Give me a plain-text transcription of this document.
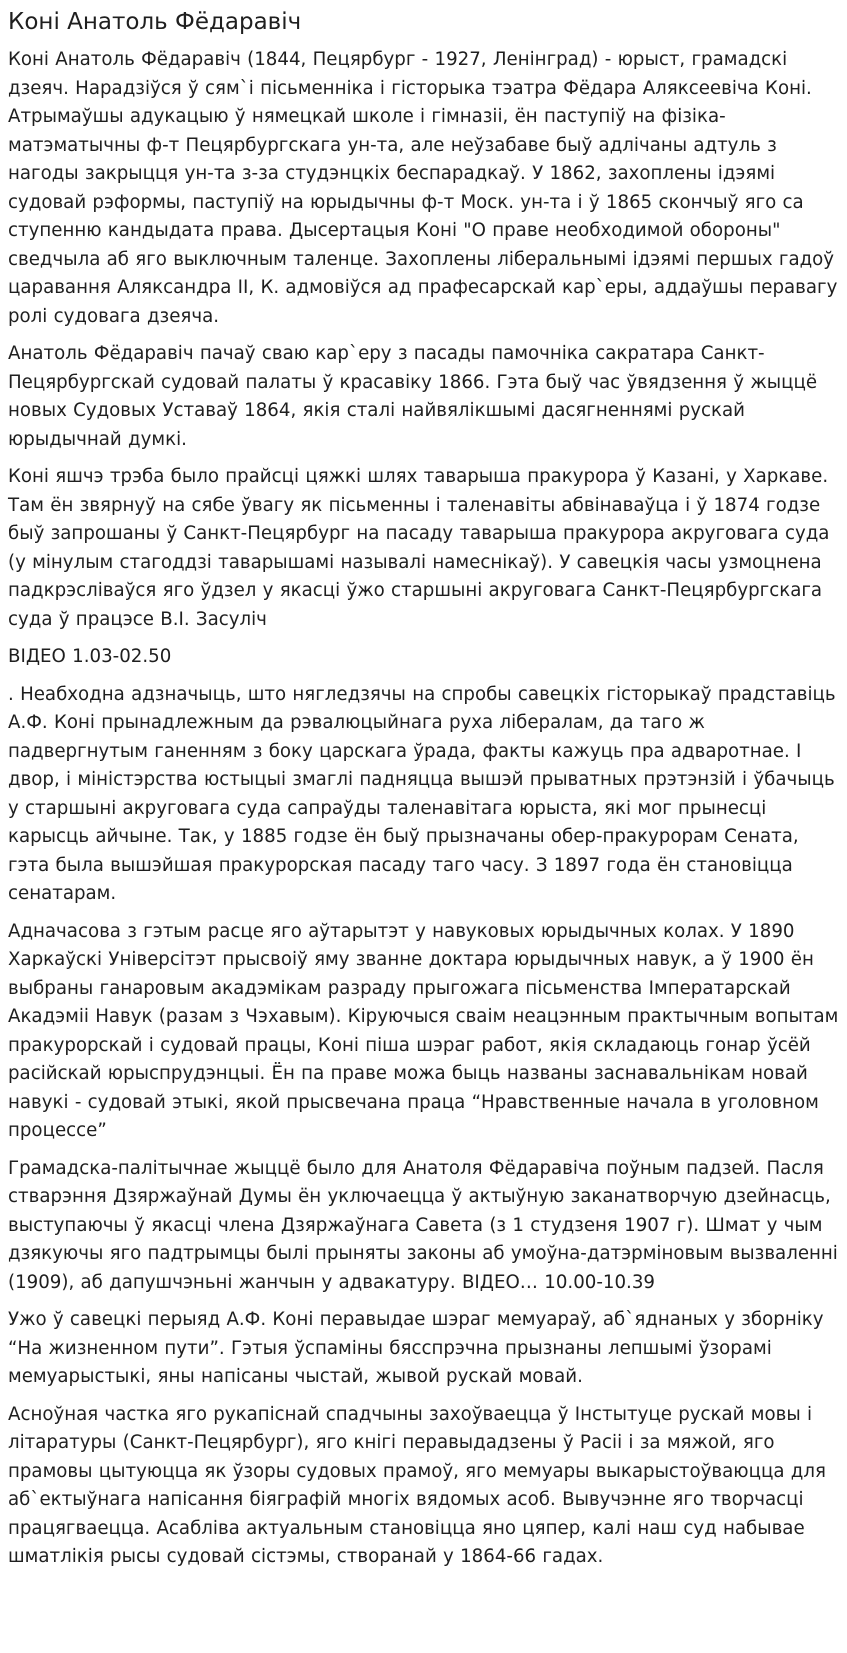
Коні Анатоль Фёдаравіч

Коні Анатоль Фёдаравіч (1844, Пецярбург - 1927, Ленінград) - юрыст, грамадскі дзеяч. Нарадзіўся ў сям`і пісьменніка і гісторыка тэатра Фёдара Аляксеевіча Коні. Атрымаўшы адукацыю ў нямецкай школе і гімназіі, ён паступіў на фізіка-матэматычны ф-т Пецярбургскага ун-та, але неўзабаве быў адлічаны адтуль з нагоды закрыцця ун-та з-за студэнцкіх беспарадкаў. У 1862, захоплены ідэямі судовай рэформы, паступіў на юрыдычны ф-т Моск. ун-та і ў 1865 скончыў яго са ступенню кандыдата права. Дысертацыя Коні "О праве необходимой обороны" сведчыла аб яго выключным таленце. Захоплены ліберальнымі ідэямі першых гадоў царавання Аляксандра II, К. адмовіўся ад прафесарскай кар`еры, аддаўшы перавагу ролі судовага дзеяча.

Анатоль Фёдаравіч пачаў сваю кар`еру з пасады памочніка сакратара Санкт-Пецярбургскай судовай палаты ў красавіку 1866. Гэта быў час ўвядзення ў жыццё новых Судовых Уставаў 1864, якія сталі найвялікшымі дасягненнямі рускай юрыдычнай думкі.

Коні яшчэ трэба было прайсці цяжкі шлях таварыша пракурора ў Казані, у Харкаве. Там ён звярнуў на сябе ўвагу як пісьменны і таленавіты абвінаваўца і ў 1874 годзе быў запрошаны ў Санкт-Пецярбург на пасаду таварыша пракурора акруговага суда (у мінулым стагоддзі таварышамі называлі намеснікаў). У савецкія часы узмоцнена падкрэсліваўся яго ўдзел у якасці ўжо старшыні акруговага Санкт-Пецярбургскага суда ў працэсе В.І. Засуліч

ВІДЕО 1.03-02.50

. Неабходна адзначыць, што нягледзячы на спробы савецкіх гісторыкаў прадставіць А.Ф. Коні прынадлежным да рэвалюцыйнага руха лібералам, да таго ж падвергнутым ганенням з боку царскага ўрада, факты кажуць пра адваротнае. І двор, і міністэрства юстыцыі змаглі падняцца вышэй прыватных прэтэнзій і ўбачыць у старшыні акруговага суда сапраўды таленавітага юрыста, які мог прынесці карысць айчыне. Так, у 1885 годзе ён быў прызначаны обер-пракурорам Сената, гэта была вышэйшая пракурорская пасаду таго часу. З 1897 года ён становіцца сенатарам.

Адначасова з гэтым расце яго аўтарытэт у навуковых юрыдычных колах. У 1890 Харкаўскі Універсітэт прысвоіў яму званне доктара юрыдычных навук, а ў 1900 ён выбраны ганаровым акадэмікам разраду прыгожага пісьменства Імператарскай Акадэміі Навук (разам з Чэхавым). Кіруючыся сваім неацэнным практычным вопытам пракурорскай і судовай працы, Коні піша шэраг работ, якія складаюць гонар ўсёй расійскай юрыспрудэнцыі. Ён па праве можа быць названы заснавальнікам новай навукі - судовай этыкі, якой прысвечана праца “Нравственные начала в уголовном процессе”

Грамадска-палітычнае жыццё было для Анатоля Фёдаравіча поўным падзей. Пасля стварэння Дзяржаўнай Думы ён уключаецца ў актыўную заканатворчую дзейнасць, выступаючы ў якасці члена Дзяржаўнага Савета (з 1 студзеня 1907 г). Шмат у чым дзякуючы яго падтрымцы былі прыняты законы аб умоўна-датэрміновым вызваленні (1909), аб дапушчэньні жанчын у адвакатуру. ВІДЕО… 10.00-10.39

Ужо ў савецкі перыяд А.Ф. Коні перавыдае шэраг мемуараў, аб`яднаных у зборніку “На жизненном пути”. Гэтыя ўспаміны бясспрэчна прызнаны лепшымі ўзорамі мемуарыстыкі, яны напісаны чыстай, жывой рускай мовай.

Асноўная частка яго рукапіснай спадчыны захоўваецца ў Інстытуце рускай мовы і літаратуры (Санкт-Пецярбург), яго кнігі перавыдадзены ў Расіі і за мяжой, яго прамовы цытуюцца як ўзоры судовых прамоў, яго мемуары выкарыстоўваюцца для аб`ектыўнага напісання біяграфій многіх вядомых асоб. Вывучэнне яго творчасці працягваецца. Асабліва актуальным становіцца яно цяпер, калі наш суд набывае шматлікія рысы судовай сістэмы, створанай у 1864-66 гадах.
